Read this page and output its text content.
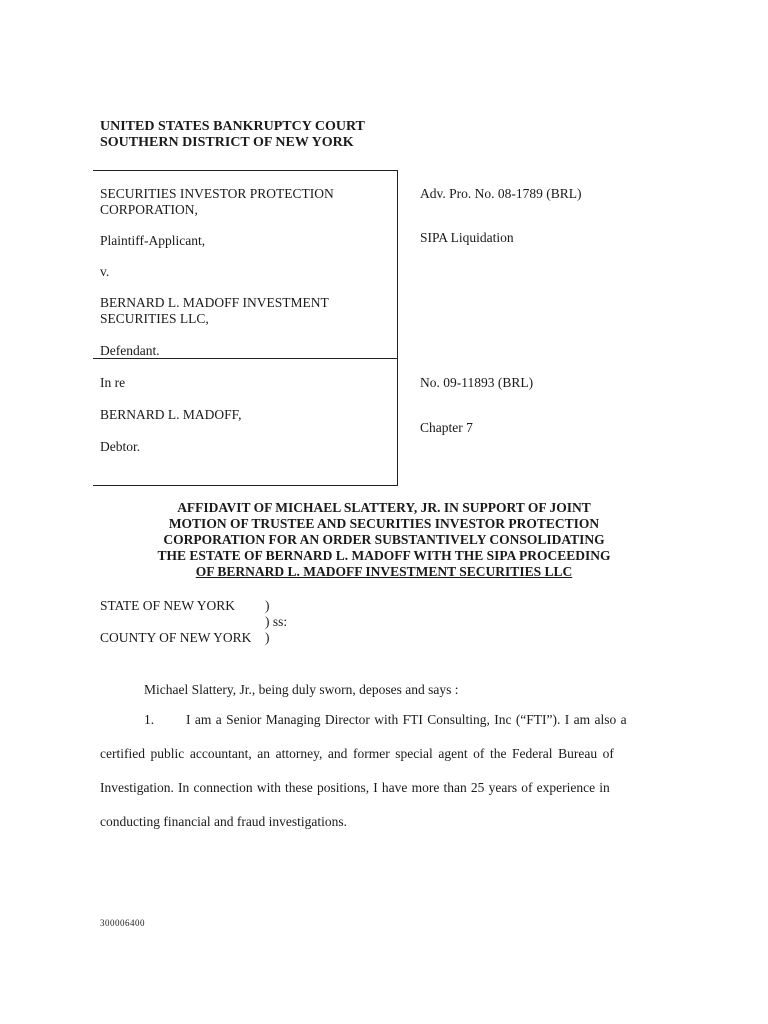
UNITED STATES BANKRUPTCY COURT
SOUTHERN DISTRICT OF NEW YORK
SECURITIES INVESTOR PROTECTION
CORPORATION,
Plaintiff-Applicant,
v.
BERNARD L. MADOFF INVESTMENT
SECURITIES LLC,
Defendant.
Adv. Pro. No. 08-1789 (BRL)
SIPA Liquidation
In re
BERNARD L. MADOFF,
Debtor.
No. 09-11893 (BRL)
Chapter 7
AFFIDAVIT OF MICHAEL SLATTERY, JR. IN SUPPORT OF JOINT
MOTION OF TRUSTEE AND SECURITIES INVESTOR PROTECTION
CORPORATION FOR AN ORDER SUBSTANTIVELY CONSOLIDATING
THE ESTATE OF BERNARD L. MADOFF WITH THE SIPA PROCEEDING
OF BERNARD L. MADOFF INVESTMENT SECURITIES LLC
STATE OF NEW YORK )
) ss:
COUNTY OF NEW YORK )
Michael Slattery, Jr., being duly sworn, deposes and says :
1. I am a Senior Managing Director with FTI Consulting, Inc (“FTI”). I am also a
certified public accountant, an attorney, and former special agent of the Federal Bureau of
Investigation. In connection with these positions, I have more than 25 years of experience in
conducting financial and fraud investigations.
300006400
